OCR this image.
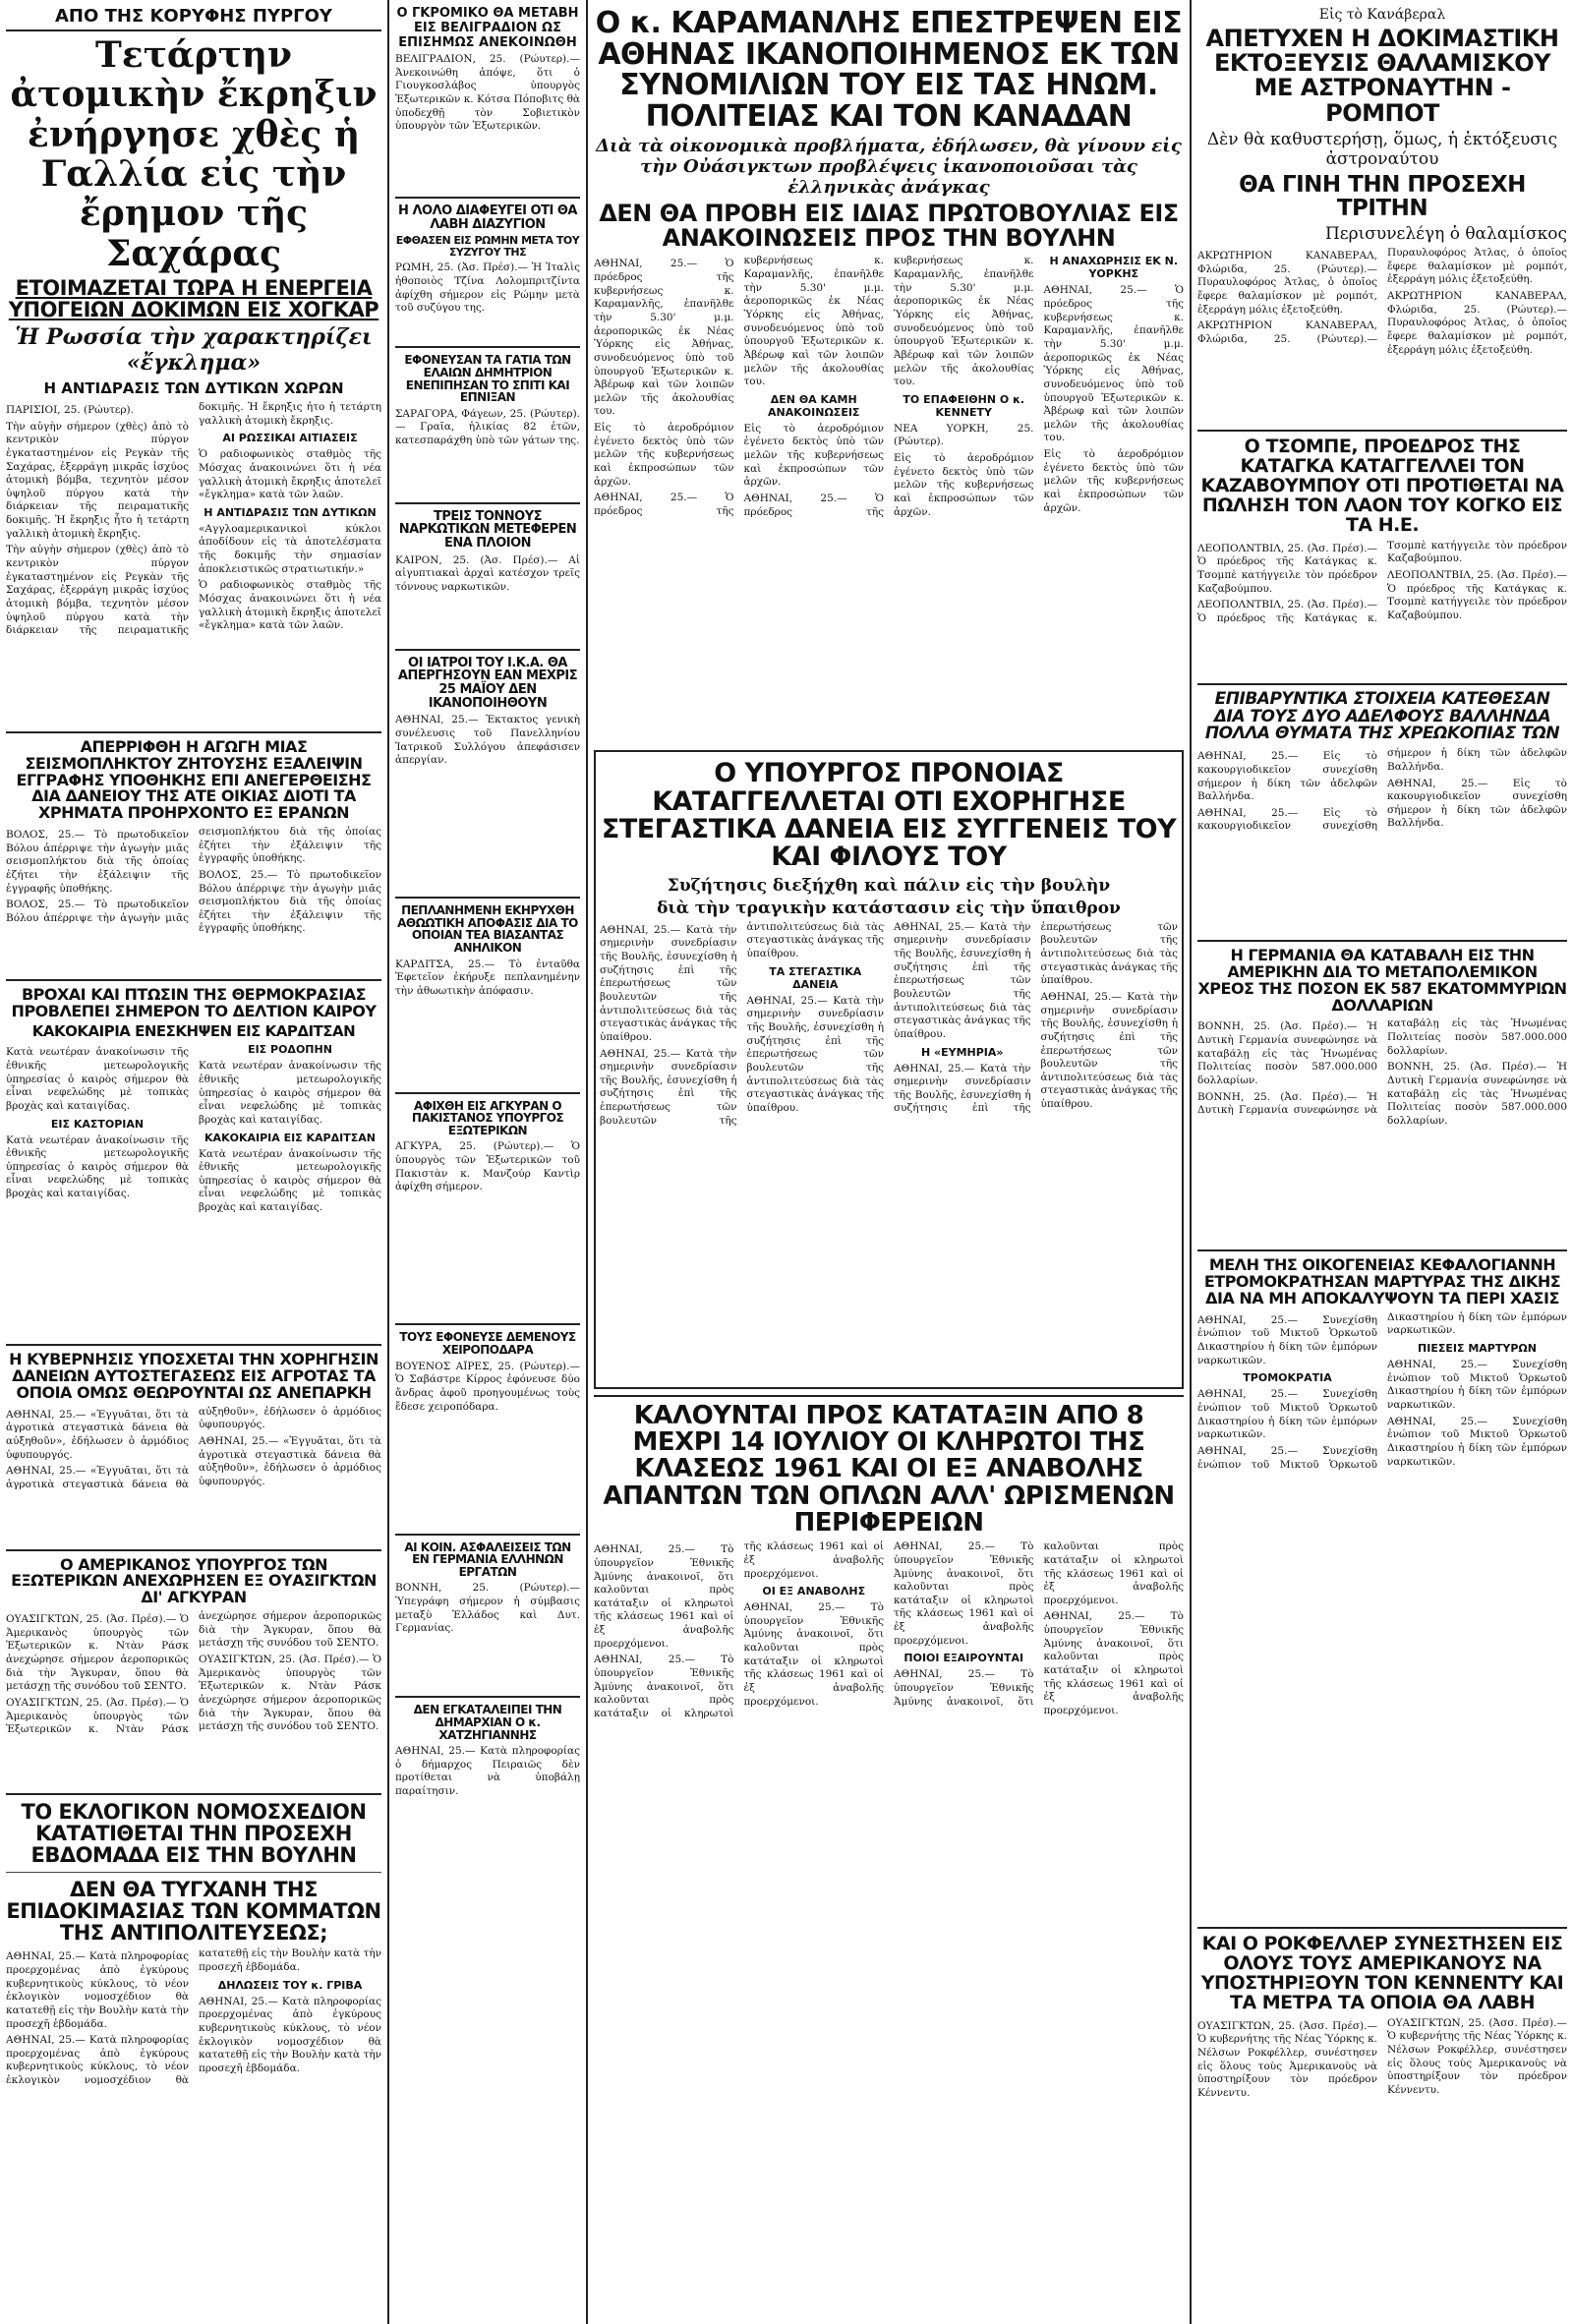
ΑΠΟ ΤΗΣ ΚΟΡΥΦΗΣ ΠΥΡΓΟΥ
Τετάρτην ἀτομικὴν ἔκρηξιν ἐνήργησε χθὲς ἡ Γαλλία εἰς τὴν ἔρημον τῆς Σαχάρας
ΕΤΟΙΜΑΖΕΤΑΙ ΤΩΡΑ Η ΕΝΕΡΓΕΙΑ ΥΠΟΓΕΙΩΝ ΔΟΚΙΜΩΝ ΕΙΣ ΧΟΓΚΑΡ
Ἡ Ρωσσία τὴν χαρακτηρίζει «ἔγκλημα»
Η ΑΝΤΙΔΡΑΣΙΣ ΤΩΝ ΔΥΤΙΚΩΝ ΧΩΡΩΝ

ΠΑΡΙΣΙΟΙ, 25. (Ρώυτερ).

Τὴν αὐγὴν σήμερον (χθὲς) ἀπὸ τὸ κεντρικὸν πύργον ἐγκαταστημένον εἰς Ρεγκὰν τῆς Σαχάρας, ἐξερράγη μικρᾶς ἰσχύος ἀτομικὴ βόμβα, τεχνητὸν μέσον ὑψηλοῦ πύργου κατὰ τὴν διάρκειαν τῆς πειραματικῆς δοκιμῆς. Ἡ ἔκρηξις ἦτο ἡ τετάρτη γαλλικὴ ἀτομικὴ ἔκρηξις.

Τὴν αὐγὴν σήμερον (χθὲς) ἀπὸ τὸ κεντρικὸν πύργον ἐγκαταστημένον εἰς Ρεγκὰν τῆς Σαχάρας, ἐξερράγη μικρᾶς ἰσχύος ἀτομικὴ βόμβα, τεχνητὸν μέσον ὑψηλοῦ πύργου κατὰ τὴν διάρκειαν τῆς πειραματικῆς δοκιμῆς. Ἡ ἔκρηξις ἦτο ἡ τετάρτη γαλλικὴ ἀτομικὴ ἔκρηξις.

ΑΙ ΡΩΣΣΙΚΑΙ ΑΙΤΙΑΣΕΙΣ

Ὁ ραδιοφωνικὸς σταθμὸς τῆς Μόσχας ἀνακοινώνει ὅτι ἡ νέα γαλλικὴ ἀτομικὴ ἔκρηξις ἀποτελεῖ «ἔγκλημα» κατὰ τῶν λαῶν.

Η ΑΝΤΙΔΡΑΣΙΣ ΤΩΝ ΔΥΤΙΚΩΝ

«Αγγλοαμερικανικοὶ κύκλοι ἀποδίδουν εἰς τὰ ἀποτελέσματα τῆς δοκιμῆς τὴν σημασίαν ἀποκλειστικῶς στρατιωτικήν.»

Ὁ ραδιοφωνικὸς σταθμὸς τῆς Μόσχας ἀνακοινώνει ὅτι ἡ νέα γαλλικὴ ἀτομικὴ ἔκρηξις ἀποτελεῖ «ἔγκλημα» κατὰ τῶν λαῶν.

ΑΠΕΡΡΙΦΘΗ Η ΑΓΩΓΗ ΜΙΑΣ ΣΕΙΣΜΟΠΛΗΚΤΟΥ ΖΗΤΟΥΣΗΣ ΕΞΑΛΕΙΨΙΝ ΕΓΓΡΑΦΗΣ ΥΠΟΘΗΚΗΣ ΕΠΙ ΑΝΕΓΕΡΘΕΙΣΗΣ ΔΙΑ ΔΑΝΕΙΟΥ ΤΗΣ ΑΤΕ ΟΙΚΙΑΣ ΔΙΟΤΙ ΤΑ ΧΡΗΜΑΤΑ ΠΡΟΗΡΧΟΝΤΟ ΕΞ ΕΡΑΝΩΝ

ΒΟΛΟΣ, 25.— Τὸ πρωτοδικεῖον Βόλου ἀπέρριψε τὴν ἀγωγὴν μιᾶς σεισμοπλήκτου διὰ τῆς ὁποίας ἐζήτει τὴν ἐξάλειψιν τῆς ἐγγραφῆς ὑποθήκης.

ΒΟΛΟΣ, 25.— Τὸ πρωτοδικεῖον Βόλου ἀπέρριψε τὴν ἀγωγὴν μιᾶς σεισμοπλήκτου διὰ τῆς ὁποίας ἐζήτει τὴν ἐξάλειψιν τῆς ἐγγραφῆς ὑποθήκης.

ΒΟΛΟΣ, 25.— Τὸ πρωτοδικεῖον Βόλου ἀπέρριψε τὴν ἀγωγὴν μιᾶς σεισμοπλήκτου διὰ τῆς ὁποίας ἐζήτει τὴν ἐξάλειψιν τῆς ἐγγραφῆς ὑποθήκης.

ΒΡΟΧΑΙ ΚΑΙ ΠΤΩΣΙΝ ΤΗΣ ΘΕΡΜΟΚΡΑΣΙΑΣ ΠΡΟΒΛΕΠΕΙ ΣΗΜΕΡΟΝ ΤΟ ΔΕΛΤΙΟΝ ΚΑΙΡΟΥ
ΚΑΚΟΚΑΙΡΙΑ ΕΝΕΣΚΗΨΕΝ ΕΙΣ ΚΑΡΔΙΤΣΑΝ

Κατὰ νεωτέραν ἀνακοίνωσιν τῆς ἐθνικῆς μετεωρολογικῆς ὑπηρεσίας ὁ καιρὸς σήμερον θὰ εἶναι νεφελώδης μὲ τοπικὰς βροχὰς καὶ καταιγίδας.

ΕΙΣ ΚΑΣΤΟΡΙΑΝ

Κατὰ νεωτέραν ἀνακοίνωσιν τῆς ἐθνικῆς μετεωρολογικῆς ὑπηρεσίας ὁ καιρὸς σήμερον θὰ εἶναι νεφελώδης μὲ τοπικὰς βροχὰς καὶ καταιγίδας.

ΕΙΣ ΡΟΔΟΠΗΝ

Κατὰ νεωτέραν ἀνακοίνωσιν τῆς ἐθνικῆς μετεωρολογικῆς ὑπηρεσίας ὁ καιρὸς σήμερον θὰ εἶναι νεφελώδης μὲ τοπικὰς βροχὰς καὶ καταιγίδας.

ΚΑΚΟΚΑΙΡΙΑ ΕΙΣ ΚΑΡΔΙΤΣΑΝ

Κατὰ νεωτέραν ἀνακοίνωσιν τῆς ἐθνικῆς μετεωρολογικῆς ὑπηρεσίας ὁ καιρὸς σήμερον θὰ εἶναι νεφελώδης μὲ τοπικὰς βροχὰς καὶ καταιγίδας.

Η ΚΥΒΕΡΝΗΣΙΣ ΥΠΟΣΧΕΤΑΙ ΤΗΝ ΧΟΡΗΓΗΣΙΝ ΔΑΝΕΙΩΝ ΑΥΤΟΣΤΕΓΑΣΕΩΣ ΕΙΣ ΑΓΡΟΤΑΣ ΤΑ ΟΠΟΙΑ ΟΜΩΣ ΘΕΩΡΟΥΝΤΑΙ ΩΣ ΑΝΕΠΑΡΚΗ

ΑΘΗΝΑΙ, 25.— «Ἐγγυᾶται, ὅτι τὰ ἀγροτικὰ στεγαστικὰ δάνεια θὰ αὐξηθοῦν», ἐδήλωσεν ὁ ἁρμόδιος ὑφυπουργός.

ΑΘΗΝΑΙ, 25.— «Ἐγγυᾶται, ὅτι τὰ ἀγροτικὰ στεγαστικὰ δάνεια θὰ αὐξηθοῦν», ἐδήλωσεν ὁ ἁρμόδιος ὑφυπουργός.

ΑΘΗΝΑΙ, 25.— «Ἐγγυᾶται, ὅτι τὰ ἀγροτικὰ στεγαστικὰ δάνεια θὰ αὐξηθοῦν», ἐδήλωσεν ὁ ἁρμόδιος ὑφυπουργός.

Ο ΑΜΕΡΙΚΑΝΟΣ ΥΠΟΥΡΓΟΣ ΤΩΝ ΕΞΩΤΕΡΙΚΩΝ ΑΝΕΧΩΡΗΣΕΝ ΕΞ ΟΥΑΣΙΓΚΤΩΝ ΔΙ' ΑΓΚΥΡΑΝ

ΟΥΑΣΙΓΚΤΩΝ, 25. (Ἀσ. Πρέσ).— Ὁ Ἀμερικανὸς ὑπουργὸς τῶν Ἐξωτερικῶν κ. Ντὰν Ράσκ ἀνεχώρησε σήμερον ἀεροπορικῶς διὰ τὴν Ἄγκυραν, ὅπου θὰ μετάσχῃ τῆς συνόδου τοῦ ΣΕΝΤΟ.

ΟΥΑΣΙΓΚΤΩΝ, 25. (Ἀσ. Πρέσ).— Ὁ Ἀμερικανὸς ὑπουργὸς τῶν Ἐξωτερικῶν κ. Ντὰν Ράσκ ἀνεχώρησε σήμερον ἀεροπορικῶς διὰ τὴν Ἄγκυραν, ὅπου θὰ μετάσχῃ τῆς συνόδου τοῦ ΣΕΝΤΟ.

ΟΥΑΣΙΓΚΤΩΝ, 25. (Ἀσ. Πρέσ).— Ὁ Ἀμερικανὸς ὑπουργὸς τῶν Ἐξωτερικῶν κ. Ντὰν Ράσκ ἀνεχώρησε σήμερον ἀεροπορικῶς διὰ τὴν Ἄγκυραν, ὅπου θὰ μετάσχῃ τῆς συνόδου τοῦ ΣΕΝΤΟ.

ΤΟ ΕΚΛΟΓΙΚΟΝ ΝΟΜΟΣΧΕΔΙΟΝ ΚΑΤΑΤΙΘΕΤΑΙ ΤΗΝ ΠΡΟΣΕΧΗ ΕΒΔΟΜΑΔΑ ΕΙΣ ΤΗΝ ΒΟΥΛΗΝ
ΔΕΝ ΘΑ ΤΥΓΧΑΝΗ ΤΗΣ ΕΠΙΔΟΚΙΜΑΣΙΑΣ ΤΩΝ ΚΟΜΜΑΤΩΝ ΤΗΣ ΑΝΤΙΠΟΛΙΤΕΥΣΕΩΣ;

ΑΘΗΝΑΙ, 25.— Κατὰ πληροφορίας προερχομένας ἀπὸ ἐγκύρους κυβερνητικοὺς κύκλους, τὸ νέον ἐκλογικὸν νομοσχέδιον θὰ κατατεθῇ εἰς τὴν Βουλὴν κατὰ τὴν προσεχῆ ἑβδομάδα.

ΑΘΗΝΑΙ, 25.— Κατὰ πληροφορίας προερχομένας ἀπὸ ἐγκύρους κυβερνητικοὺς κύκλους, τὸ νέον ἐκλογικὸν νομοσχέδιον θὰ κατατεθῇ εἰς τὴν Βουλὴν κατὰ τὴν προσεχῆ ἑβδομάδα.

ΔΗΛΩΣΕΙΣ ΤΟΥ κ. ΓΡΙΒΑ

ΑΘΗΝΑΙ, 25.— Κατὰ πληροφορίας προερχομένας ἀπὸ ἐγκύρους κυβερνητικοὺς κύκλους, τὸ νέον ἐκλογικὸν νομοσχέδιον θὰ κατατεθῇ εἰς τὴν Βουλὴν κατὰ τὴν προσεχῆ ἑβδομάδα.

Ο ΓΚΡΟΜΙΚΟ ΘΑ ΜΕΤΑΒΗ ΕΙΣ ΒΕΛΙΓΡΑΔΙΟΝ ΩΣ ΕΠΙΣΗΜΩΣ ΑΝΕΚΟΙΝΩΘΗ

ΒΕΛΙΓΡΑΔΙΟΝ, 25. (Ρώυτερ).— Ἀνεκοινώθη ἀπόψε, ὅτι ὁ Γιουγκοσλάβος ὑπουργὸς Ἐξωτερικῶν κ. Κότσα Πόποβιτς θὰ ὑποδεχθῇ τὸν Σοβιετικὸν ὑπουργὸν τῶν Ἐξωτερικῶν.

Η ΛΟΛΟ ΔΙΑΦΕΥΓΕΙ ΟΤΙ ΘΑ ΛΑΒΗ ΔΙΑΖΥΓΙΟΝ
ΕΦΘΑΣΕΝ ΕΙΣ ΡΩΜΗΝ ΜΕΤΑ ΤΟΥ ΣΥΖΥΓΟΥ ΤΗΣ

ΡΩΜΗ, 25. (Ἀσ. Πρέσ).— Ἡ Ἰταλὶς ἠθοποιὸς Τζίνα Λολομπριτζίντα ἀφίχθη σήμερον εἰς Ρώμην μετὰ τοῦ συζύγου της.

ΕΦΟΝΕΥΣΑΝ ΤΑ ΓΑΤΙΑ ΤΩΝ ΕΛΑΙΩΝ ΔΗΜΗΤΡΙΟΝ ΕΝΕΠΙΠΗΣΑΝ ΤΟ ΣΠΙΤΙ ΚΑΙ ΕΠΝΙΞΑΝ

ΣΑΡΑΓΟΡΑ, Φάγεων, 25. (Ρώυτερ).— Γραῖα, ἡλικίας 82 ἐτῶν, κατεσπαράχθη ὑπὸ τῶν γάτων της.

ΤΡΕΙΣ ΤΟΝΝΟΥΣ ΝΑΡΚΩΤΙΚΩΝ ΜΕΤΕΦΕΡΕΝ ΕΝΑ ΠΛΟΙΟΝ

ΚΑΙΡΟΝ, 25. (Ἀσ. Πρέσ).— Αἱ αἰγυπτιακαὶ ἀρχαὶ κατέσχον τρεῖς τόννους ναρκωτικῶν.

ΟΙ ΙΑΤΡΟΙ ΤΟΥ Ι.Κ.Α. ΘΑ ΑΠΕΡΓΗΣΟΥΝ ΕΑΝ ΜΕΧΡΙΣ 25 ΜΑΪΟΥ ΔΕΝ ΙΚΑΝΟΠΟΙΗΘΟΥΝ

ΑΘΗΝΑΙ, 25.— Ἐκτακτος γενικὴ συνέλευσις τοῦ Πανελληνίου Ἰατρικοῦ Συλλόγου ἀπεφάσισεν ἀπεργίαν.

ΠΕΠΛΑΝΗΜΕΝΗ ΕΚΗΡΥΧΘΗ ΑΘΩΩΤΙΚΗ ΑΠΟΦΑΣΙΣ ΔΙΑ ΤΟ ΟΠΟΙΑΝ ΤΕΑ ΒΙΑΣΑΝΤΑΣ ΑΝΗΛΙΚΟΝ

ΚΑΡΔΙΤΣΑ, 25.— Τὸ ἐνταῦθα Ἐφετεῖον ἐκήρυξε πεπλανημένην τὴν ἀθωωτικὴν ἀπόφασιν.

ΑΦΙΧΘΗ ΕΙΣ ΑΓΚΥΡΑΝ Ο ΠΑΚΙΣΤΑΝΟΣ ΥΠΟΥΡΓΟΣ ΕΞΩΤΕΡΙΚΩΝ

ΑΓΚΥΡΑ, 25. (Ρώυτερ).— Ὁ ὑπουργὸς τῶν Ἐξωτερικῶν τοῦ Πακιστὰν κ. Μανζούρ Καντὶρ ἀφίχθη σήμερον.

ΤΟΥΣ ΕΦΟΝΕΥΣΕ ΔΕΜΕΝΟΥΣ ΧΕΙΡΟΠΟΔΑΡΑ

ΒΟΥΕΝΟΣ ΑΪΡΕΣ, 25. (Ρώυτερ).— Ὁ Σαβάστρε Κίρρος ἐφόνευσε δύο ἄνδρας ἀφοῦ προηγουμένως τοὺς ἔδεσε χειροπόδαρα.

ΑΙ ΚΟΙΝ. ΑΣΦΑΛΕΙΣΕΙΣ ΤΩΝ ΕΝ ΓΕΡΜΑΝΙΑ ΕΛΛΗΝΩΝ ΕΡΓΑΤΩΝ

ΒΟΝΝΗ, 25. (Ρώυτερ).— Ὑπεγράφη σήμερον ἡ σύμβασις μεταξὺ Ἑλλάδος καὶ Δυτ. Γερμανίας.

ΔΕΝ ΕΓΚΑΤΑΛΕΙΠΕΙ ΤΗΝ ΔΗΜΑΡΧΙΑΝ Ο κ. ΧΑΤΖΗΓΙΑΝΝΗΣ

ΑΘΗΝΑΙ, 25.— Κατὰ πληροφορίας ὁ δήμαρχος Πειραιῶς δὲν προτίθεται νὰ ὑποβάλῃ παραίτησιν.

Ο κ. ΚΑΡΑΜΑΝΛΗΣ ΕΠΕΣΤΡΕΨΕΝ ΕΙΣ ΑΘΗΝΑΣ ΙΚΑΝΟΠΟΙΗΜΕΝΟΣ ΕΚ ΤΩΝ ΣΥΝΟΜΙΛΙΩΝ ΤΟΥ ΕΙΣ ΤΑΣ ΗΝΩΜ. ΠΟΛΙΤΕΙΑΣ ΚΑΙ ΤΟΝ ΚΑΝΑΔΑΝ
Διὰ τὰ οἰκονομικὰ προβλήματα, ἐδήλωσεν, θὰ γίνουν εἰς τὴν Οὐάσιγκτων προβλέψεις ἱκανοποιοῦσαι τὰς ἑλληνικὰς ἀνάγκας
ΔΕΝ ΘΑ ΠΡΟΒΗ ΕΙΣ ΙΔΙΑΣ ΠΡΩΤΟΒΟΥΛΙΑΣ ΕΙΣ ΑΝΑΚΟΙΝΩΣΕΙΣ ΠΡΟΣ ΤΗΝ ΒΟΥΛΗΝ

ΑΘΗΝΑΙ, 25.— Ὁ πρόεδρος τῆς κυβερνήσεως κ. Καραμανλῆς, ἐπανῆλθε τὴν 5.30' μ.μ. ἀεροπορικῶς ἐκ Νέας Ὑόρκης εἰς Ἀθήνας, συνοδευόμενος ὑπὸ τοῦ ὑπουργοῦ Ἐξωτερικῶν κ. Ἀβέρωφ καὶ τῶν λοιπῶν μελῶν τῆς ἀκολουθίας του.

Εἰς τὸ ἀεροδρόμιον ἐγένετο δεκτὸς ὑπὸ τῶν μελῶν τῆς κυβερνήσεως καὶ ἐκπροσώπων τῶν ἀρχῶν.

ΑΘΗΝΑΙ, 25.— Ὁ πρόεδρος τῆς κυβερνήσεως κ. Καραμανλῆς, ἐπανῆλθε τὴν 5.30' μ.μ. ἀεροπορικῶς ἐκ Νέας Ὑόρκης εἰς Ἀθήνας, συνοδευόμενος ὑπὸ τοῦ ὑπουργοῦ Ἐξωτερικῶν κ. Ἀβέρωφ καὶ τῶν λοιπῶν μελῶν τῆς ἀκολουθίας του.

ΔΕΝ ΘΑ ΚΑΜΗ ΑΝΑΚΟΙΝΩΣΕΙΣ

Εἰς τὸ ἀεροδρόμιον ἐγένετο δεκτὸς ὑπὸ τῶν μελῶν τῆς κυβερνήσεως καὶ ἐκπροσώπων τῶν ἀρχῶν.

ΑΘΗΝΑΙ, 25.— Ὁ πρόεδρος τῆς κυβερνήσεως κ. Καραμανλῆς, ἐπανῆλθε τὴν 5.30' μ.μ. ἀεροπορικῶς ἐκ Νέας Ὑόρκης εἰς Ἀθήνας, συνοδευόμενος ὑπὸ τοῦ ὑπουργοῦ Ἐξωτερικῶν κ. Ἀβέρωφ καὶ τῶν λοιπῶν μελῶν τῆς ἀκολουθίας του.

ΤΟ ΕΠΑΦΕΙΘΗΝ Ο κ. ΚΕΝΝΕΤΥ

ΝΕΑ ΥΟΡΚΗ, 25. (Ρώυτερ).

Εἰς τὸ ἀεροδρόμιον ἐγένετο δεκτὸς ὑπὸ τῶν μελῶν τῆς κυβερνήσεως καὶ ἐκπροσώπων τῶν ἀρχῶν.

Η ΑΝΑΧΩΡΗΣΙΣ ΕΚ Ν. ΥΟΡΚΗΣ

ΑΘΗΝΑΙ, 25.— Ὁ πρόεδρος τῆς κυβερνήσεως κ. Καραμανλῆς, ἐπανῆλθε τὴν 5.30' μ.μ. ἀεροπορικῶς ἐκ Νέας Ὑόρκης εἰς Ἀθήνας, συνοδευόμενος ὑπὸ τοῦ ὑπουργοῦ Ἐξωτερικῶν κ. Ἀβέρωφ καὶ τῶν λοιπῶν μελῶν τῆς ἀκολουθίας του.

Εἰς τὸ ἀεροδρόμιον ἐγένετο δεκτὸς ὑπὸ τῶν μελῶν τῆς κυβερνήσεως καὶ ἐκπροσώπων τῶν ἀρχῶν.

Ο ΥΠΟΥΡΓΟΣ ΠΡΟΝΟΙΑΣ ΚΑΤΑΓΓΕΛΛΕΤΑΙ ΟΤΙ ΕΧΟΡΗΓΗΣΕ ΣΤΕΓΑΣΤΙΚΑ ΔΑΝΕΙΑ ΕΙΣ ΣΥΓΓΕΝΕΙΣ ΤΟΥ ΚΑΙ ΦΙΛΟΥΣ ΤΟΥ
Συζήτησις διεξήχθη καὶ πάλιν εἰς τὴν βουλὴν
διὰ τὴν τραγικὴν κατάστασιν εἰς τὴν ὕπαιθρον

ΑΘΗΝΑΙ, 25.— Κατὰ τὴν σημερινὴν συνεδρίασιν τῆς Βουλῆς, ἐσυνεχίσθη ἡ συζήτησις ἐπὶ τῆς ἐπερωτήσεως τῶν βουλευτῶν τῆς ἀντιπολιτεύσεως διὰ τὰς στεγαστικὰς ἀνάγκας τῆς ὑπαίθρου.

ΑΘΗΝΑΙ, 25.— Κατὰ τὴν σημερινὴν συνεδρίασιν τῆς Βουλῆς, ἐσυνεχίσθη ἡ συζήτησις ἐπὶ τῆς ἐπερωτήσεως τῶν βουλευτῶν τῆς ἀντιπολιτεύσεως διὰ τὰς στεγαστικὰς ἀνάγκας τῆς ὑπαίθρου.

ΤΑ ΣΤΕΓΑΣΤΙΚΑ ΔΑΝΕΙΑ

ΑΘΗΝΑΙ, 25.— Κατὰ τὴν σημερινὴν συνεδρίασιν τῆς Βουλῆς, ἐσυνεχίσθη ἡ συζήτησις ἐπὶ τῆς ἐπερωτήσεως τῶν βουλευτῶν τῆς ἀντιπολιτεύσεως διὰ τὰς στεγαστικὰς ἀνάγκας τῆς ὑπαίθρου.

ΑΘΗΝΑΙ, 25.— Κατὰ τὴν σημερινὴν συνεδρίασιν τῆς Βουλῆς, ἐσυνεχίσθη ἡ συζήτησις ἐπὶ τῆς ἐπερωτήσεως τῶν βουλευτῶν τῆς ἀντιπολιτεύσεως διὰ τὰς στεγαστικὰς ἀνάγκας τῆς ὑπαίθρου.

Η «ΕΥΜΗΡΙΑ»

ΑΘΗΝΑΙ, 25.— Κατὰ τὴν σημερινὴν συνεδρίασιν τῆς Βουλῆς, ἐσυνεχίσθη ἡ συζήτησις ἐπὶ τῆς ἐπερωτήσεως τῶν βουλευτῶν τῆς ἀντιπολιτεύσεως διὰ τὰς στεγαστικὰς ἀνάγκας τῆς ὑπαίθρου.

ΑΘΗΝΑΙ, 25.— Κατὰ τὴν σημερινὴν συνεδρίασιν τῆς Βουλῆς, ἐσυνεχίσθη ἡ συζήτησις ἐπὶ τῆς ἐπερωτήσεως τῶν βουλευτῶν τῆς ἀντιπολιτεύσεως διὰ τὰς στεγαστικὰς ἀνάγκας τῆς ὑπαίθρου.

ΚΑΛΟΥΝΤΑΙ ΠΡΟΣ ΚΑΤΑΤΑΞΙΝ ΑΠΟ 8 ΜΕΧΡΙ 14 ΙΟΥΛΙΟΥ ΟΙ ΚΛΗΡΩΤΟΙ ΤΗΣ ΚΛΑΣΕΩΣ 1961 ΚΑΙ ΟΙ ΕΞ ΑΝΑΒΟΛΗΣ ΑΠΑΝΤΩΝ ΤΩΝ ΟΠΛΩΝ ΑΛΛ' ΩΡΙΣΜΕΝΩΝ ΠΕΡΙΦΕΡΕΙΩΝ

ΑΘΗΝΑΙ, 25.— Τὸ ὑπουργεῖον Ἐθνικῆς Ἀμύνης ἀνακοινοῖ, ὅτι καλοῦνται πρὸς κατάταξιν οἱ κληρωτοὶ τῆς κλάσεως 1961 καὶ οἱ ἐξ ἀναβολῆς προερχόμενοι.

ΑΘΗΝΑΙ, 25.— Τὸ ὑπουργεῖον Ἐθνικῆς Ἀμύνης ἀνακοινοῖ, ὅτι καλοῦνται πρὸς κατάταξιν οἱ κληρωτοὶ τῆς κλάσεως 1961 καὶ οἱ ἐξ ἀναβολῆς προερχόμενοι.

ΟΙ ΕΞ ΑΝΑΒΟΛΗΣ

ΑΘΗΝΑΙ, 25.— Τὸ ὑπουργεῖον Ἐθνικῆς Ἀμύνης ἀνακοινοῖ, ὅτι καλοῦνται πρὸς κατάταξιν οἱ κληρωτοὶ τῆς κλάσεως 1961 καὶ οἱ ἐξ ἀναβολῆς προερχόμενοι.

ΑΘΗΝΑΙ, 25.— Τὸ ὑπουργεῖον Ἐθνικῆς Ἀμύνης ἀνακοινοῖ, ὅτι καλοῦνται πρὸς κατάταξιν οἱ κληρωτοὶ τῆς κλάσεως 1961 καὶ οἱ ἐξ ἀναβολῆς προερχόμενοι.

ΠΟΙΟΙ ΕΞΑΙΡΟΥΝΤΑΙ

ΑΘΗΝΑΙ, 25.— Τὸ ὑπουργεῖον Ἐθνικῆς Ἀμύνης ἀνακοινοῖ, ὅτι καλοῦνται πρὸς κατάταξιν οἱ κληρωτοὶ τῆς κλάσεως 1961 καὶ οἱ ἐξ ἀναβολῆς προερχόμενοι.

ΑΘΗΝΑΙ, 25.— Τὸ ὑπουργεῖον Ἐθνικῆς Ἀμύνης ἀνακοινοῖ, ὅτι καλοῦνται πρὸς κατάταξιν οἱ κληρωτοὶ τῆς κλάσεως 1961 καὶ οἱ ἐξ ἀναβολῆς προερχόμενοι.

Εἰς τὸ Κανάβεραλ
ΑΠΕΤΥΧΕΝ Η ΔΟΚΙΜΑΣΤΙΚΗ ΕΚΤΟΞΕΥΣΙΣ ΘΑΛΑΜΙΣΚΟΥ ΜΕ ΑΣΤΡΟΝΑΥΤΗΝ - ΡΟΜΠΟΤ
Δὲν θὰ καθυστερήσῃ, ὅμως, ἡ ἐκτόξευσις ἀστροναύτου
ΘΑ ΓΙΝΗ ΤΗΝ ΠΡΟΣΕΧΗ ΤΡΙΤΗΝ
Περισυνελέγη ὁ θαλαμίσκος

ΑΚΡΩΤΗΡΙΟΝ ΚΑΝΑΒΕΡΑΛ, Φλώριδα, 25. (Ρώυτερ).— Πυραυλοφόρος Ἀτλας, ὁ ὁποῖος ἔφερε θαλαμίσκον μὲ ρομπότ, ἐξερράγη μόλις ἐξετοξεύθη.

ΑΚΡΩΤΗΡΙΟΝ ΚΑΝΑΒΕΡΑΛ, Φλώριδα, 25. (Ρώυτερ).— Πυραυλοφόρος Ἀτλας, ὁ ὁποῖος ἔφερε θαλαμίσκον μὲ ρομπότ, ἐξερράγη μόλις ἐξετοξεύθη.

ΑΚΡΩΤΗΡΙΟΝ ΚΑΝΑΒΕΡΑΛ, Φλώριδα, 25. (Ρώυτερ).— Πυραυλοφόρος Ἀτλας, ὁ ὁποῖος ἔφερε θαλαμίσκον μὲ ρομπότ, ἐξερράγη μόλις ἐξετοξεύθη.

Ο ΤΣΟΜΠΕ, ΠΡΟΕΔΡΟΣ ΤΗΣ ΚΑΤΑΓΚΑ ΚΑΤΑΓΓΕΛΛΕΙ ΤΟΝ ΚΑΖΑΒΟΥΜΠΟΥ ΟΤΙ ΠΡΟΤΙΘΕΤΑΙ ΝΑ ΠΩΛΗΣΗ ΤΟΝ ΛΑΟΝ ΤΟΥ ΚΟΓΚΟ ΕΙΣ ΤΑ Η.Ε.

ΛΕΟΠΟΛΝΤΒΙΛ, 25. (Ἀσ. Πρέσ).— Ὁ πρόεδρος τῆς Κατάγκας κ. Τσομπὲ κατήγγειλε τὸν πρόεδρον Καζαβούμπου.

ΛΕΟΠΟΛΝΤΒΙΛ, 25. (Ἀσ. Πρέσ).— Ὁ πρόεδρος τῆς Κατάγκας κ. Τσομπὲ κατήγγειλε τὸν πρόεδρον Καζαβούμπου.

ΛΕΟΠΟΛΝΤΒΙΛ, 25. (Ἀσ. Πρέσ).— Ὁ πρόεδρος τῆς Κατάγκας κ. Τσομπὲ κατήγγειλε τὸν πρόεδρον Καζαβούμπου.

ΕΠΙΒΑΡΥΝΤΙΚΑ ΣΤΟΙΧΕΙΑ ΚΑΤΕΘΕΣΑΝ ΔΙΑ ΤΟΥΣ ΔΥΟ ΑΔΕΛΦΟΥΣ ΒΑΛΛΗΝΔΑ ΠΟΛΛΑ ΘΥΜΑΤΑ ΤΗΣ ΧΡΕΩΚΟΠΙΑΣ ΤΩΝ

ΑΘΗΝΑΙ, 25.— Εἰς τὸ κακουργιοδικεῖον συνεχίσθη σήμερον ἡ δίκη τῶν ἀδελφῶν Βαλλήνδα.

ΑΘΗΝΑΙ, 25.— Εἰς τὸ κακουργιοδικεῖον συνεχίσθη σήμερον ἡ δίκη τῶν ἀδελφῶν Βαλλήνδα.

ΑΘΗΝΑΙ, 25.— Εἰς τὸ κακουργιοδικεῖον συνεχίσθη σήμερον ἡ δίκη τῶν ἀδελφῶν Βαλλήνδα.

Η ΓΕΡΜΑΝΙΑ ΘΑ ΚΑΤΑΒΑΛΗ ΕΙΣ ΤΗΝ ΑΜΕΡΙΚΗΝ ΔΙΑ ΤΟ ΜΕΤΑΠΟΛΕΜΙΚΟΝ ΧΡΕΟΣ ΤΗΣ ΠΟΣΟΝ ΕΚ 587 ΕΚΑΤΟΜΜΥΡΙΩΝ ΔΟΛΛΑΡΙΩΝ

ΒΟΝΝΗ, 25. (Ἀσ. Πρέσ).— Ἡ Δυτικὴ Γερμανία συνεφώνησε νὰ καταβάλῃ εἰς τὰς Ἡνωμένας Πολιτείας ποσὸν 587.000.000 δολλαρίων.

ΒΟΝΝΗ, 25. (Ἀσ. Πρέσ).— Ἡ Δυτικὴ Γερμανία συνεφώνησε νὰ καταβάλῃ εἰς τὰς Ἡνωμένας Πολιτείας ποσὸν 587.000.000 δολλαρίων.

ΒΟΝΝΗ, 25. (Ἀσ. Πρέσ).— Ἡ Δυτικὴ Γερμανία συνεφώνησε νὰ καταβάλῃ εἰς τὰς Ἡνωμένας Πολιτείας ποσὸν 587.000.000 δολλαρίων.

ΜΕΛΗ ΤΗΣ ΟΙΚΟΓΕΝΕΙΑΣ ΚΕΦΑΛΟΓΙΑΝΝΗ ΕΤΡΟΜΟΚΡΑΤΗΣΑΝ ΜΑΡΤΥΡΑΣ ΤΗΣ ΔΙΚΗΣ ΔΙΑ ΝΑ ΜΗ ΑΠΟΚΑΛΥΨΟΥΝ ΤΑ ΠΕΡΙ ΧΑΣΙΣ

ΑΘΗΝΑΙ, 25.— Συνεχίσθη ἐνώπιον τοῦ Μικτοῦ Ὁρκωτοῦ Δικαστηρίου ἡ δίκη τῶν ἐμπόρων ναρκωτικῶν.

ΤΡΟΜΟΚΡΑΤΙΑ

ΑΘΗΝΑΙ, 25.— Συνεχίσθη ἐνώπιον τοῦ Μικτοῦ Ὁρκωτοῦ Δικαστηρίου ἡ δίκη τῶν ἐμπόρων ναρκωτικῶν.

ΑΘΗΝΑΙ, 25.— Συνεχίσθη ἐνώπιον τοῦ Μικτοῦ Ὁρκωτοῦ Δικαστηρίου ἡ δίκη τῶν ἐμπόρων ναρκωτικῶν.

ΠΙΕΣΕΙΣ ΜΑΡΤΥΡΩΝ

ΑΘΗΝΑΙ, 25.— Συνεχίσθη ἐνώπιον τοῦ Μικτοῦ Ὁρκωτοῦ Δικαστηρίου ἡ δίκη τῶν ἐμπόρων ναρκωτικῶν.

ΑΘΗΝΑΙ, 25.— Συνεχίσθη ἐνώπιον τοῦ Μικτοῦ Ὁρκωτοῦ Δικαστηρίου ἡ δίκη τῶν ἐμπόρων ναρκωτικῶν.

ΚΑΙ Ο ΡΟΚΦΕΛΛΕΡ ΣΥΝΕΣΤΗΣΕΝ ΕΙΣ ΟΛΟΥΣ ΤΟΥΣ ΑΜΕΡΙΚΑΝΟΥΣ ΝΑ ΥΠΟΣΤΗΡΙΞΟΥΝ ΤΟΝ ΚΕΝΝΕΝΤΥ ΚΑΙ ΤΑ ΜΕΤΡΑ ΤΑ ΟΠΟΙΑ ΘΑ ΛΑΒΗ

ΟΥΑΣΙΓΚΤΩΝ, 25. (Ἀσσ. Πρέσ).— Ὁ κυβερνήτης τῆς Νέας Ὑόρκης κ. Νέλσων Ροκφέλλερ, συνέστησεν εἰς ὅλους τοὺς Ἀμερικανοὺς νὰ ὑποστηρίξουν τὸν πρόεδρον Κέννεντυ.

ΟΥΑΣΙΓΚΤΩΝ, 25. (Ἀσσ. Πρέσ).— Ὁ κυβερνήτης τῆς Νέας Ὑόρκης κ. Νέλσων Ροκφέλλερ, συνέστησεν εἰς ὅλους τοὺς Ἀμερικανοὺς νὰ ὑποστηρίξουν τὸν πρόεδρον Κέννεντυ.
